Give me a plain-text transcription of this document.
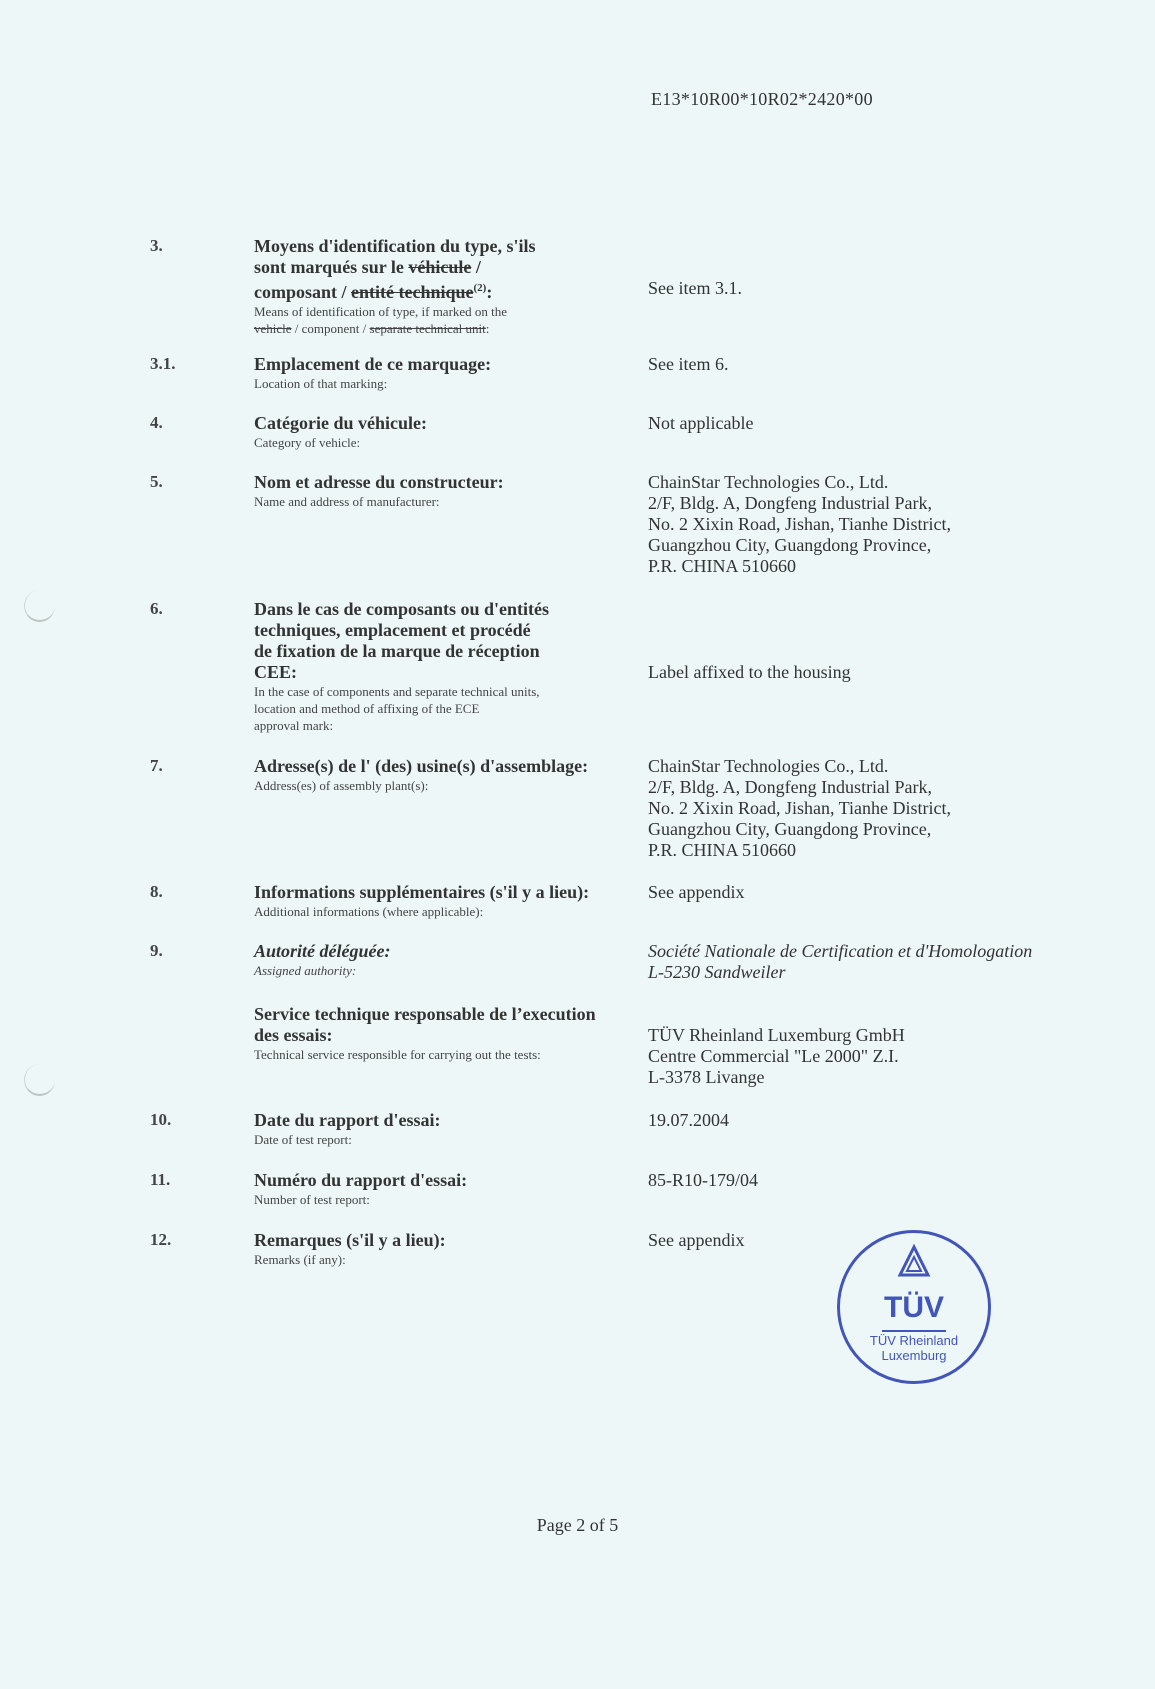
E13*10R00*10R02*2420*00
3.	Moyens d'identification du type, s'ils
sont marqués sur le véhicule /
composant / entité technique$^{(2)}$:
Means of identification of type, if marked on the
vehicle / component / separate technical unit:
See item 3.1.
3.1.	Emplacement de ce marquage:
Location of that marking:
See item 6.
4.	Catégorie du véhicule:
Category of vehicle:
Not applicable
5.	Nom et adresse du constructeur:
Name and address of manufacturer:
ChainStar Technologies Co., Ltd.
2/F, Bldg. A, Dongfeng Industrial Park,
No. 2 Xixin Road, Jishan, Tianhe District,
Guangzhou City, Guangdong Province,
P.R. CHINA 510660
6.	Dans le cas de composants ou d'entités
techniques, emplacement et procédé
de fixation de la marque de réception
CEE:
In the case of components and separate technical units,
location and method of affixing of the ECE
approval mark:
Label affixed to the housing
7.	Adresse(s) de l' (des) usine(s) d'assemblage:
Address(es) of assembly plant(s):
ChainStar Technologies Co., Ltd.
2/F, Bldg. A, Dongfeng Industrial Park,
No. 2 Xixin Road, Jishan, Tianhe District,
Guangzhou City, Guangdong Province,
P.R. CHINA 510660
8.	Informations supplémentaires (s'il y a lieu):
Additional informations (where applicable):
See appendix
9.	Autorité déléguée:
Assigned authority:
Société Nationale de Certification et d'Homologation
L-5230 Sandweiler
Service technique responsable de l’execution
des essais:
Technical service responsible for carrying out the tests:
TÜV Rheinland Luxemburg GmbH
Centre Commercial "Le 2000" Z.I.
L-3378 Livange
10.	Date du rapport d'essai:
Date of test report:
19.07.2004
11.	Numéro du rapport d'essai:
Number of test report:
85-R10-179/04
12.	Remarques (s'il y a lieu):
Remarks (if any):
See appendix
TÜV
TÜV Rheinland
Luxemburg
Page 2 of 5
